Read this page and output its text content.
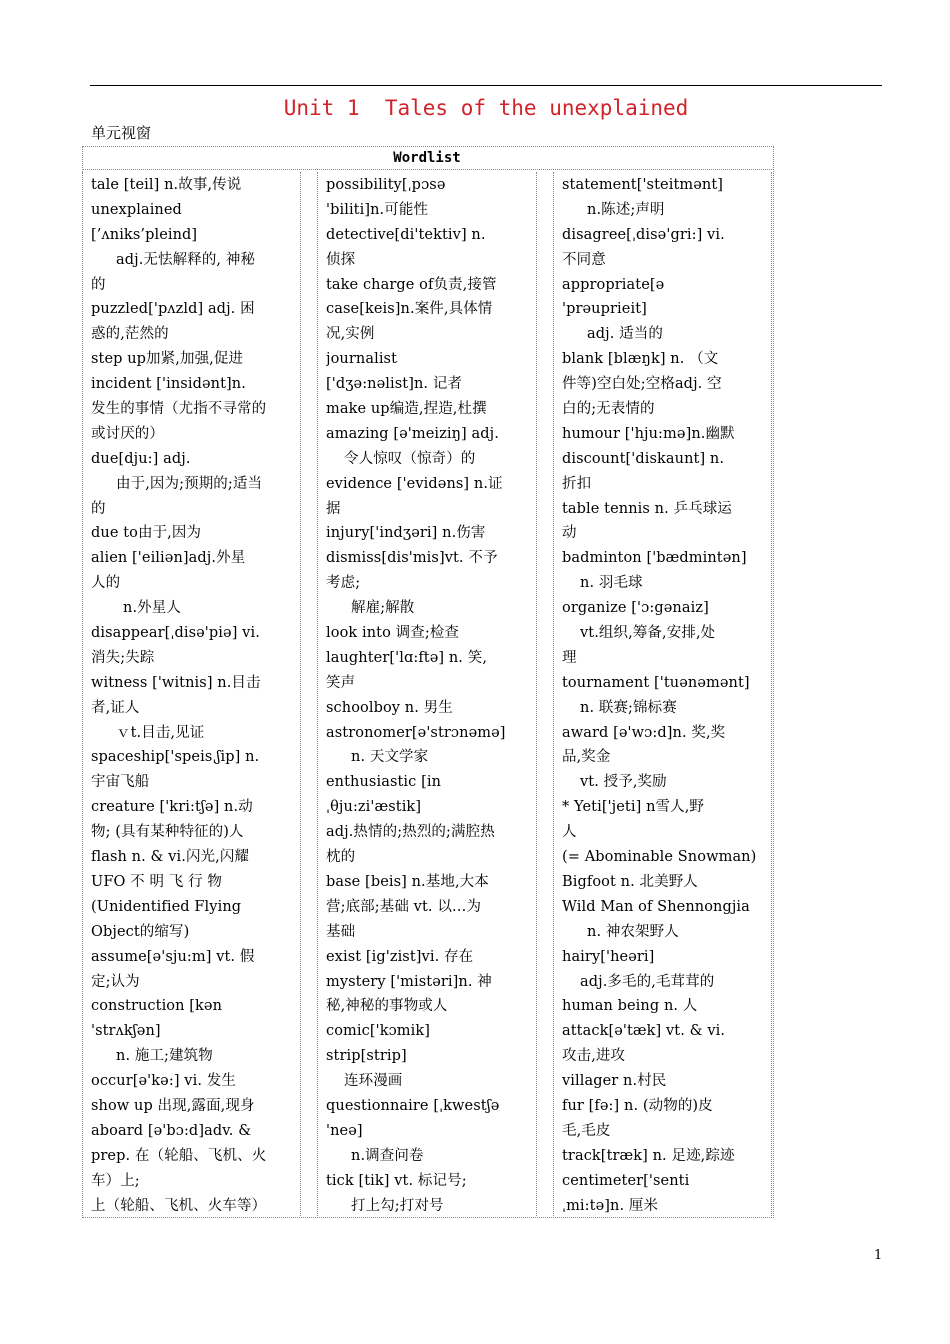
Unit 1  Tales of the unexplained
单元视窗
Wordlist
tale [teil] n.故事,传说
unexplained
[’ʌniks’pleind]
adj.无怯解释的, 神秘
的
puzzled['pʌzld] adj. 困
惑的,茫然的
step up加紧,加强,促进
incident ['insidənt]n.
发生的事情（尤指不寻常的
或讨厌的）
due[dju:] adj.
由于,因为;预期的;适当
的
due to由于,因为
alien ['eiliən]adj.外星
人的
n.外星人
disappear[ˌdisə'piə] vi.
消失;失踪
witness ['witnis] n.目击
者,证人
ｖt.目击,见证
spaceship['speisˌʃip] n.
宇宙飞船
creature ['kri:tʃə] n.动
物; (具有某种特征的)人
flash n. & vi.闪光,闪耀
UFO 不 明 飞 行 物
(Unidentified Flying
Object的缩写)
assume[ə'sju:m] vt. 假
定;认为
construction [kən
'strʌkʃən]
n. 施工;建筑物
occur[ə'kə:] vi. 发生
show up 出现,露面,现身
aboard [ə'bɔ:d]adv. &
prep. 在（轮船、飞机、火
车）上;
上（轮船、飞机、火车等）
possibility[ˌpɔsə
'biliti]n.可能性
detective[di'tektiv] n.
侦探
take charge of负责,接管
case[keis]n.案件,具体情
况,实例
journalist
['dʒə:nəlist]n. 记者
make up编造,捏造,杜撰
amazing [ə'meiziŋ] adj.
令人惊叹（惊奇）的
evidence ['evidəns] n.证
据
injury['indʒəri] n.伤害
dismiss[dis'mis]vt. 不予
考虑;
解雇;解散
look into 调查;检查
laughter['lɑ:ftə] n. 笑,
笑声
schoolboy n. 男生
astronomer[ə'strɔnəmə]
n. 天文学家
enthusiastic [in
ˌθju:zi'æstik]
adj.热情的;热烈的;满腔热
枕的
base [beis] n.基地,大本
营;底部;基础 vt. 以…为
基础
exist [ig'zist]vi. 存在
mystery ['mistəri]n. 神
秘,神秘的事物或人
comic['kɔmik]
strip[strip]
连环漫画
questionnaire [ˌkwestʃə
'neə]
n.调查问卷
tick [tik] vt. 标记号;
打上勾;打对号
statement['steitmənt]
n.陈述;声明
disagree[ˌdisə'gri:] vi.
不同意
appropriate[ə
'prəuprieit]
adj. 适当的
blank [blæŋk] n. （文
件等)空白处;空格adj. 空
白的;无表情的
humour ['hju:mə]n.幽默
discount['diskaunt] n.
折扣
table tennis n. 乒乓球运
动
badminton ['bædmintən]
n. 羽毛球
organize ['ɔ:gənaiz]
vt.组织,筹备,安排,处
理
tournament ['tuənəmənt]
n. 联赛;锦标赛
award [ə'wɔ:d]n. 奖,奖
品,奖金
vt. 授予,奖励
* Yeti['jeti] n雪人,野
人
(= Abominable Snowman)
Bigfoot n. 北美野人
Wild Man of Shennongjia
n. 神农架野人
hairy['heəri]
adj.多毛的,毛茸茸的
human being n. 人
attack[ə'tæk] vt. & vi.
攻击,进攻
villager n.村民
fur [fə:] n. (动物的)皮
毛,毛皮
track[træk] n. 足迹,踪迹
centimeter['senti
ˌmi:tə]n. 厘米
1
